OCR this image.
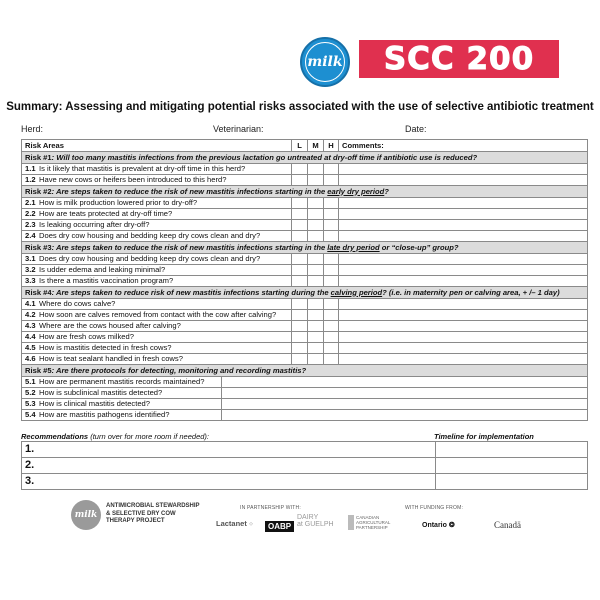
milk SCC 200
Summary: Assessing and mitigating potential risks associated with the use of selective antibiotic treatment
Herd:	Veterinarian:	Date:
Risk Areas		L	M	H	Comments:
Risk #1: Will too many mastitis infections from the previous lactation go untreated at dry-off time if antibiotic use is reduced?					
1.1 Is it likely that mastitis is prevalent at dry-off time in this herd?					
1.2 Have new cows or heifers been introduced to this herd?					
Risk #2: Are steps taken to reduce the risk of new mastitis infections starting in the early dry period?					
2.1 How is milk production lowered prior to dry-off?					
2.2 How are teats protected at dry-off time?					
2.3 Is leaking occurring after dry-off?					
2.4 Does dry cow housing and bedding keep dry cows clean and dry?					
Risk #3: Are steps taken to reduce the risk of new mastitis infections starting in the late dry period or “close-up” group?					
3.1 Does dry cow housing and bedding keep dry cows clean and dry?					
3.2 Is udder edema and leaking minimal?					
3.3 Is there a mastitis vaccination program?					
Risk #4: Are steps taken to reduce risk of new mastitis infections starting during the calving period? (i.e. in maternity pen or calving area, + /– 1 day)					
4.1 Where do cows calve?					
4.2 How soon are calves removed from contact with the cow after calving?					
4.3 Where are the cows housed after calving?					
4.4 How are fresh cows milked?					
4.5 How is mastitis detected in fresh cows?					
4.6 How is teat sealant handled in fresh cows?					
Risk #5: Are there protocols for detecting, monitoring and recording mastitis?					
5.1 How are permanent mastitis records maintained?					
5.2 How is subclinical mastitis detected?					
5.3 How is clinical mastitis detected?					
5.4 How are mastitis pathogens identified?					
Recommendations (turn over for more room if needed):	Timeline for implementation
1.	
2.	
3.	
milk
ANTIMICROBIAL STEWARDSHIP
& SELECTIVE DRY COW
THERAPY PROJECT
IN PARTNERSHIP WITH:
Lactanet ⁘	OABP
DAIRY
at GUELPH
CANADIAN
AGRICULTURAL
PARTNERSHIP
WITH FUNDING FROM:
Ontario ❂	Canadä
